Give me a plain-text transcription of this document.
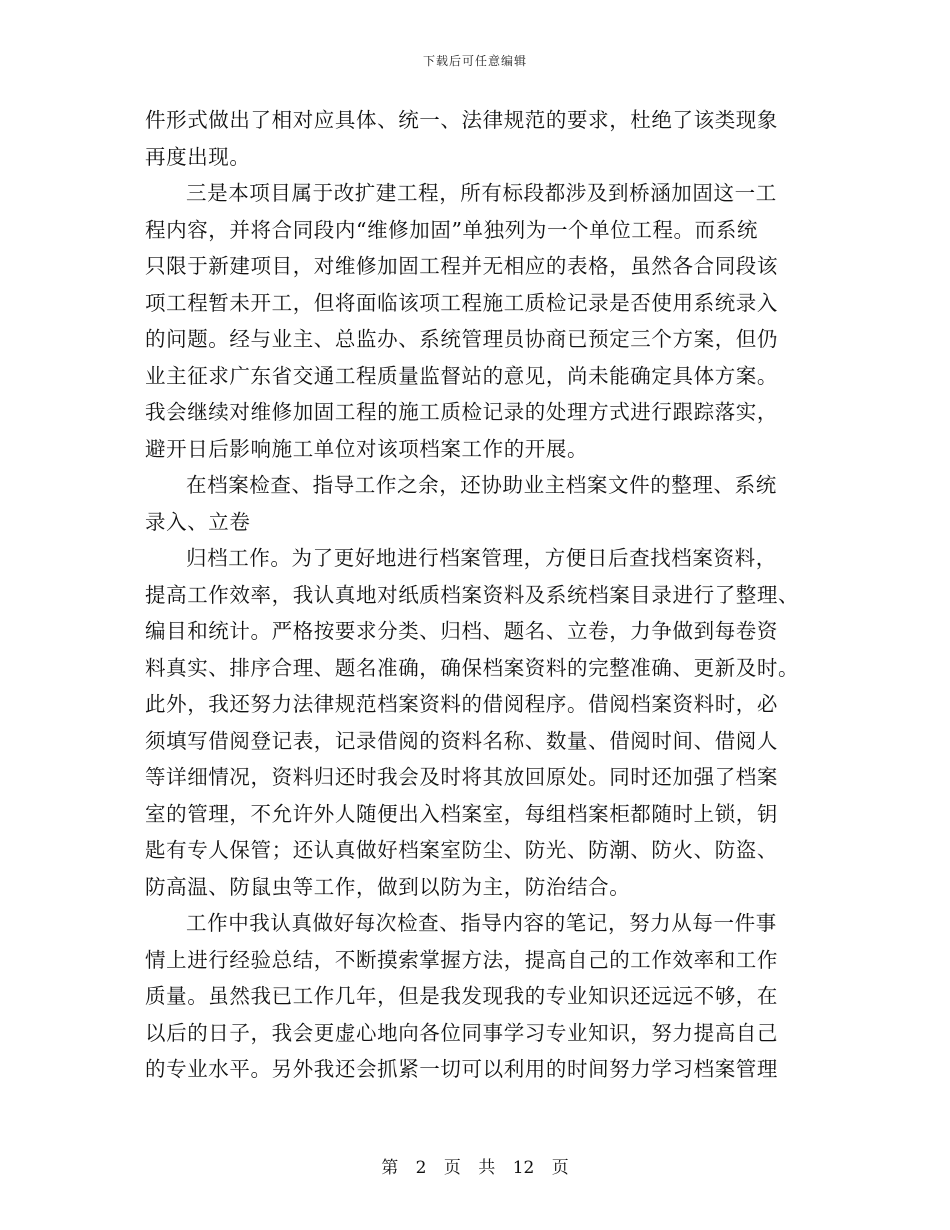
下载后可任意编辑
件形式做出了相对应具体、统一、法律规范的要求，杜绝了该类现象
再度出现。
三是本项目属于改扩建工程，所有标段都涉及到桥涵加固这一工
程内容，并将合同段内“维修加固”单独列为一个单位工程。而系统
只限于新建项目，对维修加固工程并无相应的表格，虽然各合同段该
项工程暂未开工，但将面临该项工程施工质检记录是否使用系统录入
的问题。经与业主、总监办、系统管理员协商已预定三个方案，但仍
业主征求广东省交通工程质量监督站的意见，尚未能确定具体方案。
我会继续对维修加固工程的施工质检记录的处理方式进行跟踪落实，
避开日后影响施工单位对该项档案工作的开展。
在档案检查、指导工作之余，还协助业主档案文件的整理、系统
录入、立卷
归档工作。为了更好地进行档案管理，方便日后查找档案资料，
提高工作效率，我认真地对纸质档案资料及系统档案目录进行了整理、
编目和统计。严格按要求分类、归档、题名、立卷，力争做到每卷资
料真实、排序合理、题名准确，确保档案资料的完整准确、更新及时。
此外，我还努力法律规范档案资料的借阅程序。借阅档案资料时，必
须填写借阅登记表，记录借阅的资料名称、数量、借阅时间、借阅人
等详细情况，资料归还时我会及时将其放回原处。同时还加强了档案
室的管理，不允许外人随便出入档案室，每组档案柜都随时上锁，钥
匙有专人保管；还认真做好档案室防尘、防光、防潮、防火、防盗、
防高温、防鼠虫等工作，做到以防为主，防治结合。
工作中我认真做好每次检查、指导内容的笔记，努力从每一件事
情上进行经验总结，不断摸索掌握方法，提高自己的工作效率和工作
质量。虽然我已工作几年，但是我发现我的专业知识还远远不够，在
以后的日子，我会更虚心地向各位同事学习专业知识，努力提高自己
的专业水平。另外我还会抓紧一切可以利用的时间努力学习档案管理
第 2 页 共 12 页
